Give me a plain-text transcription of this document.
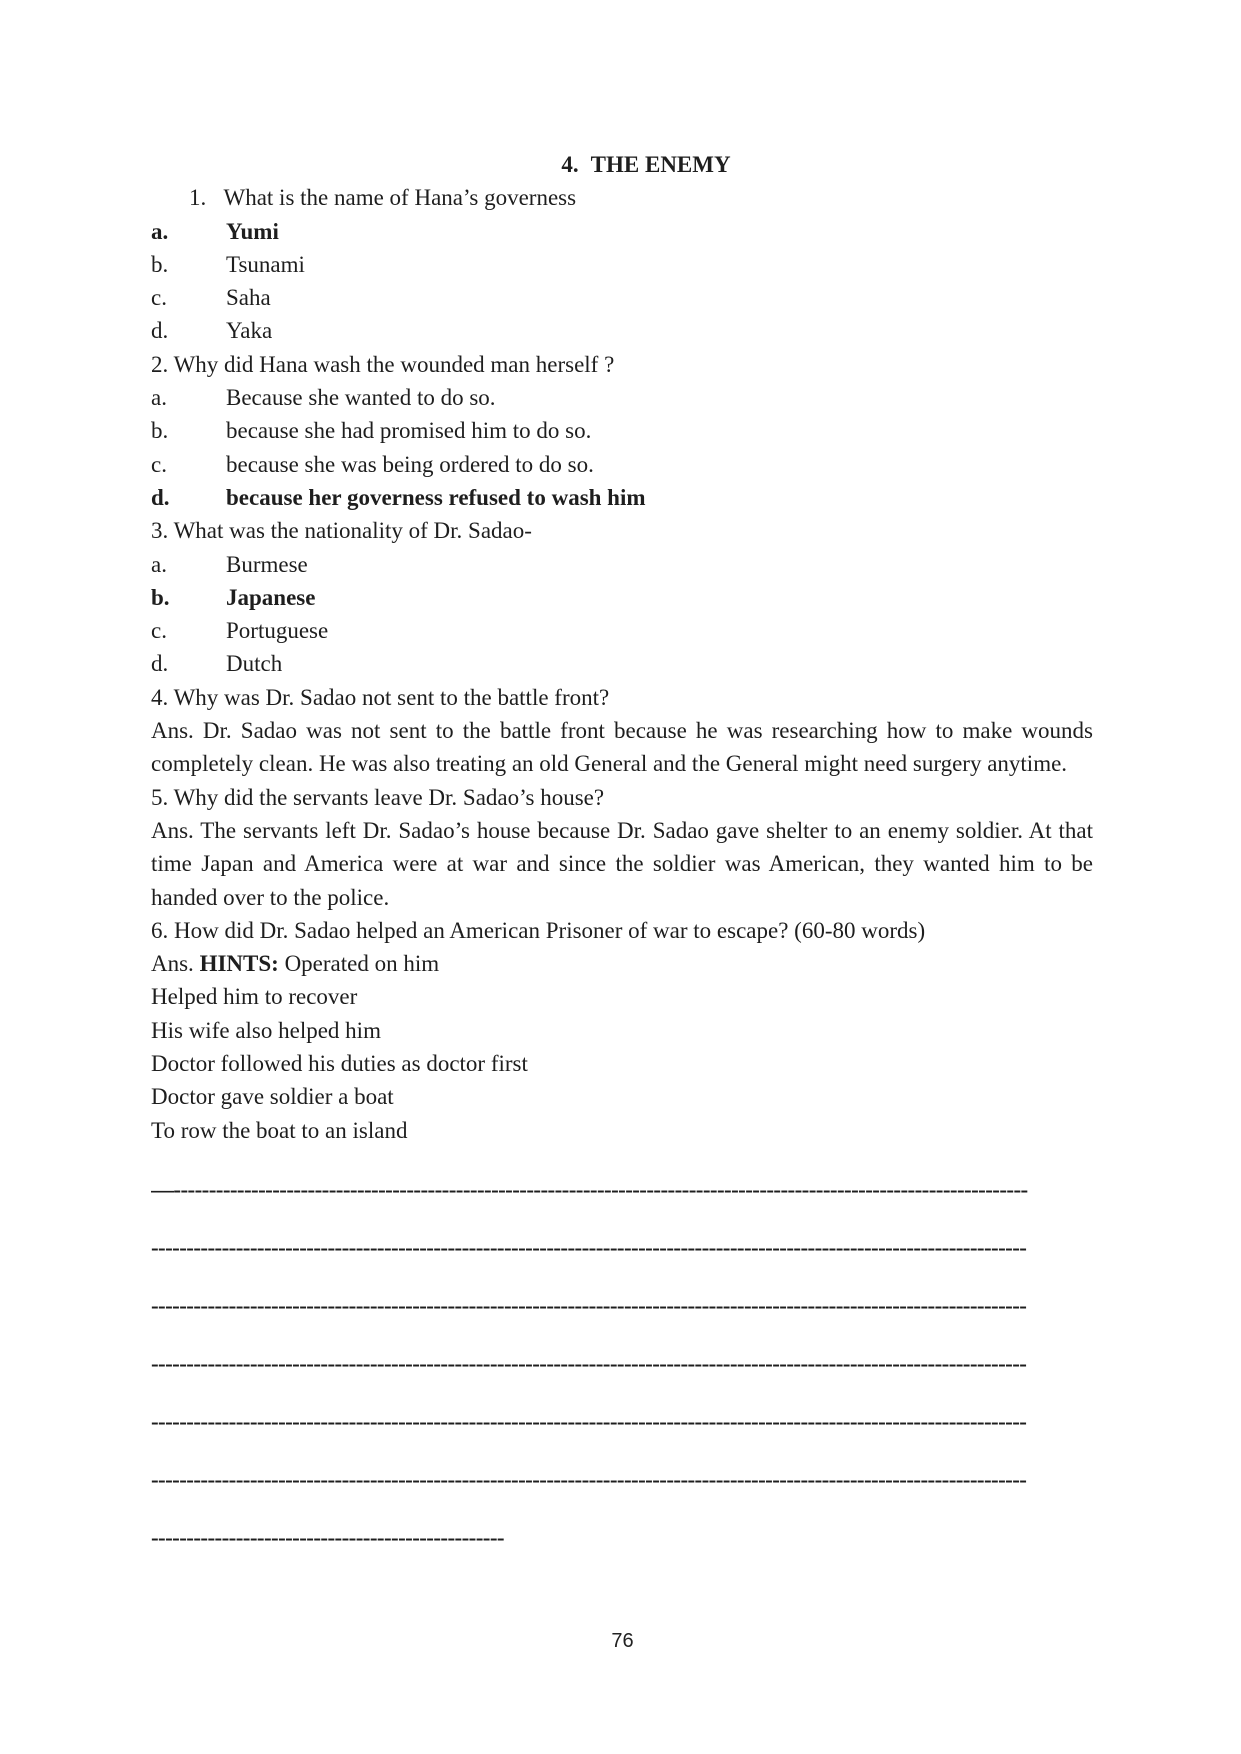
4. THE ENEMY
1. What is the name of Hana’s governess
a.	Yumi
b.	Tsunami
c.	Saha
d.	Yaka
2. Why did Hana wash the wounded man herself ?
a.	Because she wanted to do so.
b.	because she had promised him to do so.
c.	because she was being ordered to do so.
d.	because her governess refused to wash him
3. What was the nationality of Dr. Sadao-
a.	Burmese
b.	Japanese
c.	Portuguese
d.	Dutch
4. Why was Dr. Sadao not sent to the battle front?
Ans. Dr. Sadao was not sent to the battle front because he was researching how to make wounds completely clean. He was also treating an old General and the General might need surgery anytime.
5. Why did the servants leave Dr. Sadao’s house?
Ans. The servants left Dr. Sadao’s house because Dr. Sadao gave shelter to an enemy soldier. At that time Japan and America were at war and since the soldier was American, they wanted him to be handed over to the police.
6. How did Dr. Sadao helped an American Prisoner of war to escape? (60-80 words)
Ans. HINTS: Operated on him
Helped him to recover
His wife also helped him
Doctor followed his duties as doctor first
Doctor gave soldier a boat
To row the boat to an island
—-------------------------------------------------------------------------------------------------------------------------
----------------------------------------------------------------------------------------------------------------------------
----------------------------------------------------------------------------------------------------------------------------
----------------------------------------------------------------------------------------------------------------------------
----------------------------------------------------------------------------------------------------------------------------
----------------------------------------------------------------------------------------------------------------------------
--------------------------------------------------
76
